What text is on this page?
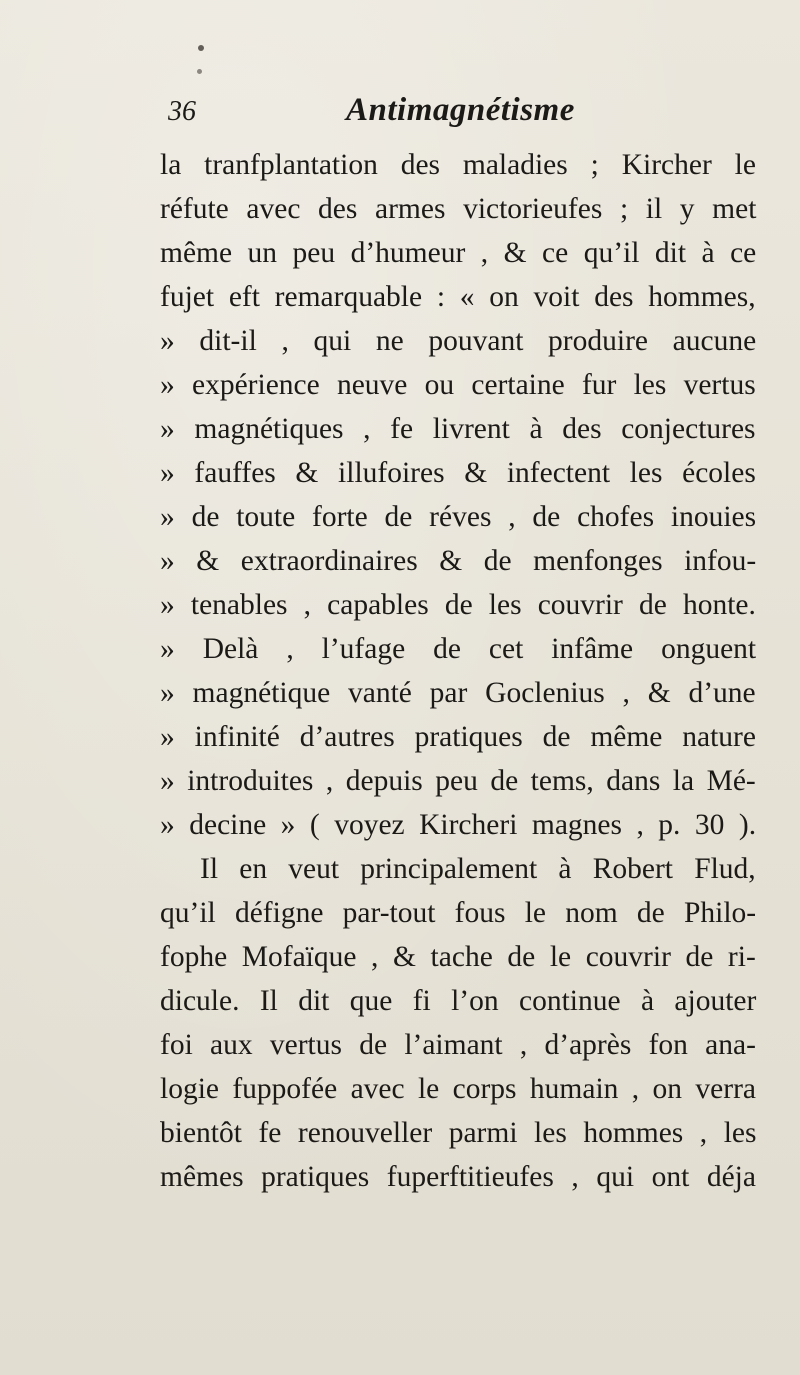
36	Antimagnétisme
la tranfplantation des maladies ; Kircher le
réfute avec des armes victorieufes ; il y met
même un peu d’humeur , & ce qu’il dit à ce
fujet eft remarquable : « on voit des hommes,
» dit-il , qui ne pouvant produire aucune
» expérience neuve ou certaine fur les vertus
» magnétiques , fe livrent à des conjectures
» fauffes & illufoires & infectent les écoles
» de toute forte de réves , de chofes inouies
» & extraordinaires & de menfonges infou-
» tenables , capables de les couvrir de honte.
» Delà , l’ufage de cet infâme onguent
» magnétique vanté par Goclenius , & d’une
» infinité d’autres pratiques de même nature
» introduites , depuis peu de tems, dans la Mé-
» decine » ( voyez Kircheri magnes , p. 30 ).
Il en veut principalement à Robert Flud,
qu’il défigne par-tout fous le nom de Philo-
fophe Mofaïque , & tache de le couvrir de ri-
dicule. Il dit que fi l’on continue à ajouter
foi aux vertus de l’aimant , d’après fon ana-
logie fuppofée avec le corps humain , on verra
bientôt fe renouveller parmi les hommes , les
mêmes pratiques fuperftitieufes , qui ont déja
